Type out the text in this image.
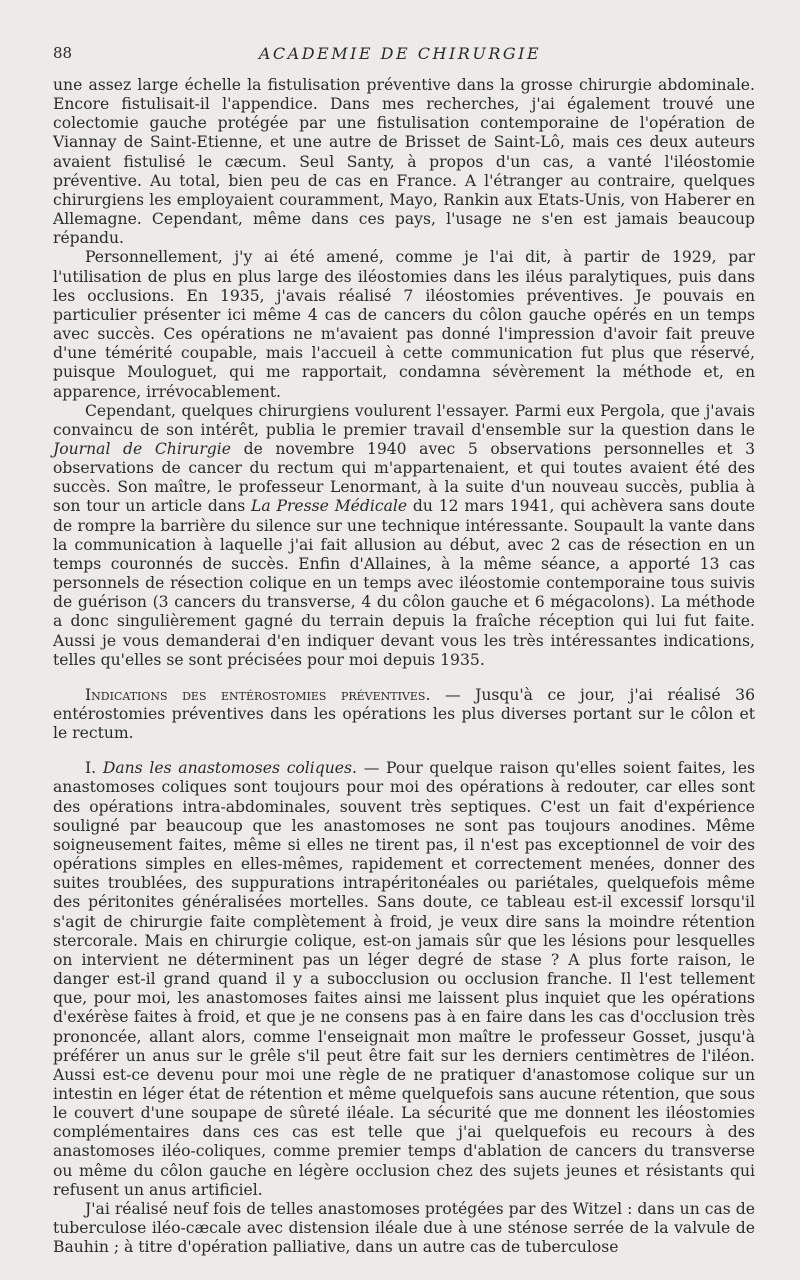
88	ACADEMIE DE CHIRURGIE

une assez large échelle la fistulisation préventive dans la grosse chirurgie abdominale. Encore fistulisait-il l'appendice. Dans mes recherches, j'ai également trouvé une colectomie gauche protégée par une fistulisation contemporaine de l'opération de Viannay de Saint-Etienne, et une autre de Brisset de Saint-Lô, mais ces deux auteurs avaient fistulisé le cæcum. Seul Santy, à propos d'un cas, a vanté l'iléostomie préventive. Au total, bien peu de cas en France. A l'étranger au contraire, quelques chirurgiens les employaient couramment, Mayo, Rankin aux Etats-Unis, von Haberer en Allemagne. Cependant, même dans ces pays, l'usage ne s'en est jamais beaucoup répandu.

Personnellement, j'y ai été amené, comme je l'ai dit, à partir de 1929, par l'utilisation de plus en plus large des iléostomies dans les iléus paralytiques, puis dans les occlusions. En 1935, j'avais réalisé 7 iléostomies préventives. Je pouvais en particulier présenter ici même 4 cas de cancers du côlon gauche opérés en un temps avec succès. Ces opérations ne m'avaient pas donné l'impression d'avoir fait preuve d'une témérité coupable, mais l'accueil à cette communication fut plus que réservé, puisque Mouloguet, qui me rapportait, condamna sévèrement la méthode et, en apparence, irrévocablement.

Cependant, quelques chirurgiens voulurent l'essayer. Parmi eux Pergola, que j'avais convaincu de son intérêt, publia le premier travail d'ensemble sur la question dans le Journal de Chirurgie de novembre 1940 avec 5 observations personnelles et 3 observations de cancer du rectum qui m'appartenaient, et qui toutes avaient été des succès. Son maître, le professeur Lenormant, à la suite d'un nouveau succès, publia à son tour un article dans La Presse Médicale du 12 mars 1941, qui achèvera sans doute de rompre la barrière du silence sur une technique intéressante. Soupault la vante dans la communication à laquelle j'ai fait allusion au début, avec 2 cas de résection en un temps couronnés de succès. Enfin d'Allaines, à la même séance, a apporté 13 cas personnels de résection colique en un temps avec iléostomie contemporaine tous suivis de guérison (3 cancers du transverse, 4 du côlon gauche et 6 mégacolons). La méthode a donc singulièrement gagné du terrain depuis la fraîche réception qui lui fut faite. Aussi je vous demanderai d'en indiquer devant vous les très intéressantes indications, telles qu'elles se sont précisées pour moi depuis 1935.

Indications des entérostomies préventives. — Jusqu'à ce jour, j'ai réalisé 36 entérostomies préventives dans les opérations les plus diverses portant sur le côlon et le rectum.

I. Dans les anastomoses coliques. — Pour quelque raison qu'elles soient faites, les anastomoses coliques sont toujours pour moi des opérations à redouter, car elles sont des opérations intra-abdominales, souvent très septiques. C'est un fait d'expérience souligné par beaucoup que les anastomoses ne sont pas toujours anodines. Même soigneusement faites, même si elles ne tirent pas, il n'est pas exceptionnel de voir des opérations simples en elles-mêmes, rapidement et correctement menées, donner des suites troublées, des suppurations intrapéritonéales ou pariétales, quelquefois même des péritonites généralisées mortelles. Sans doute, ce tableau est-il excessif lorsqu'il s'agit de chirurgie faite complètement à froid, je veux dire sans la moindre rétention stercorale. Mais en chirurgie colique, est-on jamais sûr que les lésions pour lesquelles on intervient ne déterminent pas un léger degré de stase ? A plus forte raison, le danger est-il grand quand il y a subocclusion ou occlusion franche. Il l'est tellement que, pour moi, les anastomoses faites ainsi me laissent plus inquiet que les opérations d'exérèse faites à froid, et que je ne consens pas à en faire dans les cas d'occlusion très prononcée, allant alors, comme l'enseignait mon maître le professeur Gosset, jusqu'à préférer un anus sur le grêle s'il peut être fait sur les derniers centimètres de l'iléon. Aussi est-ce devenu pour moi une règle de ne pratiquer d'anastomose colique sur un intestin en léger état de rétention et même quelquefois sans aucune rétention, que sous le couvert d'une soupape de sûreté iléale. La sécurité que me donnent les iléostomies complémentaires dans ces cas est telle que j'ai quelquefois eu recours à des anastomoses iléo-coliques, comme premier temps d'ablation de cancers du transverse ou même du côlon gauche en légère occlusion chez des sujets jeunes et résistants qui refusent un anus artificiel.

J'ai réalisé neuf fois de telles anastomoses protégées par des Witzel : dans un cas de tuberculose iléo-cæcale avec distension iléale due à une sténose serrée de la valvule de Bauhin ; à titre d'opération palliative, dans un autre cas de tuberculose
